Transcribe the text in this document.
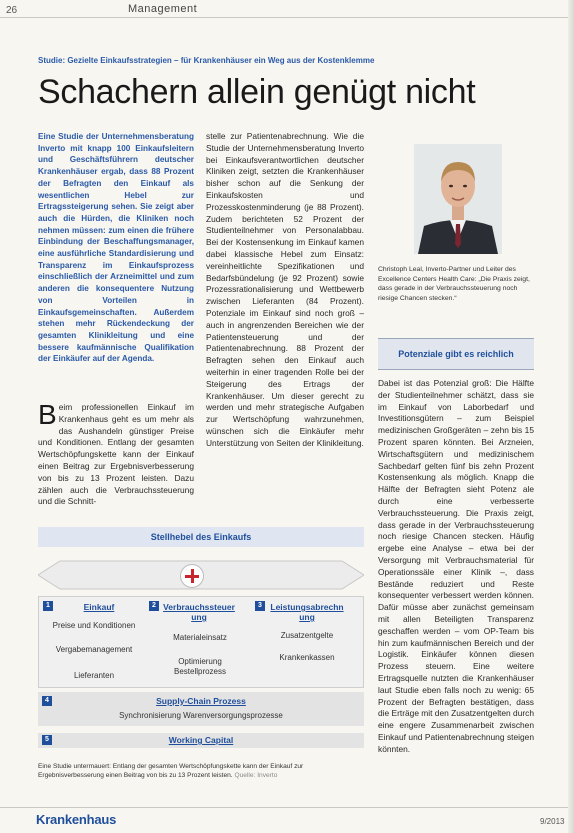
26	Management
Studie: Gezielte Einkaufsstrategien – für Krankenhäuser ein Weg aus der Kostenklemme
Schachern allein genügt nicht
Eine Studie der Unternehmensberatung Inverto mit knapp 100 Einkaufsleitern und Geschäftsführern deutscher Krankenhäuser ergab, dass 88 Prozent der Befragten den Einkauf als wesentlichen Hebel zur Ertragssteigerung sehen. Sie zeigt aber auch die Hürden, die Kliniken noch nehmen müssen: zum einen die frühere Einbindung der Beschaffungsmanager, eine ausführliche Standardisierung und Transparenz im Einkaufsprozess einschließlich der Arzneimittel und zum anderen die konsequentere Nutzung von Vorteilen in Einkaufsgemeinschaften. Außerdem stehen mehr Rückendeckung der gesamten Klinikleitung und eine bessere kaufmännische Qualifikation der Einkäufer auf der Agenda.
Beim professionellen Einkauf im Krankenhaus geht es um mehr als das Aushandeln günstiger Preise und Konditionen. Entlang der gesamten Wertschöpfungskette kann der Einkauf einen Beitrag zur Ergebnisverbesserung von bis zu 13 Prozent leisten. Dazu zählen auch die Verbrauchssteuerung und die Schnitt-
stelle zur Patientenabrechnung. Wie die Studie der Unternehmensberatung Inverto bei Einkaufsverantwortlichen deutscher Kliniken zeigt, setzten die Krankenhäuser bisher schon auf die Senkung der Einkaufskosten und Prozesskostenminderung (je 88 Prozent). Zudem berichteten 52 Prozent der Studienteilnehmer von Personalabbau. Bei der Kostensenkung im Einkauf kamen dabei klassische Hebel zum Einsatz: vereinheitlichte Spezifikationen und Bedarfsbündelung (je 92 Prozent) sowie Prozessrationalisierung und Wettbewerb zwischen Lieferanten (84 Prozent). Potenziale im Einkauf sind noch groß – auch in angrenzenden Bereichen wie der Patientensteuerung und der Patientenabrechnung. 88 Prozent der Befragten sehen den Einkauf auch weiterhin in einer tragenden Rolle bei der Steigerung des Ertrags der Krankenhäuser. Um dieser gerecht zu werden und mehr strategische Aufgaben zur Wertschöpfung wahrzunehmen, wünschen sich die Einkäufer mehr Unterstützung von Seiten der Klinikleitung.
Christoph Leal, Inverto-Partner und Leiter des Excellence Centers Health Care: „Die Praxis zeigt, dass gerade in der Verbrauchssteuerung noch riesige Chancen stecken.“
Potenziale gibt es reichlich
Dabei ist das Potenzial groß: Die Hälfte der Studienteilnehmer schätzt, dass sie im Einkauf von Laborbedarf und Investitionsgütern – zum Beispiel medizinischen Großgeräten – zehn bis 15 Prozent sparen könnten. Bei Arzneien, Wirtschaftsgütern und medizinischem Sachbedarf gelten fünf bis zehn Prozent Kostensenkung als möglich. Knapp die Hälfte der Befragten sieht Potenz ale durch eine verbesserte Verbrauchssteuerung. Die Praxis zeigt, dass gerade in der Verbrauchssteuerung noch riesige Chancen stecken. Häufig ergebe eine Analyse – etwa bei der Versorgung mit Verbrauchsmaterial für Operationssäle einer Klinik –, dass Bestände reduziert und Reste konsequenter verbessert werden können. Dafür müsse aber zunächst gemeinsam mit allen Beteiligten Transparenz geschaffen werden – vom OP-Team bis hin zum kaufmännischen Bereich und der Logistik. Einkäufer können diesen Prozess steuern. Eine weitere Ertragsquelle nutzten die Krankenhäuser laut Studie eben falls noch zu wenig: 65 Prozent der Befragten bestätigen, dass die Erträge mit den Zusatzentgelten durch eine engere Zusammenarbeit zwischen Einkauf und Patientenabrechnung steigen könnten.
Stellhebel des Einkaufs
1	Einkauf
Preise und Konditionen
Vergabemanagement
Lieferanten
2 Verbrauchssteuerung
Materialeinsatz
Optimierung Bestellprozess
3 Leistungsabrechnung
Zusatzentgelte
Krankenkassen
4	Supply-Chain Prozess
Synchronisierung Warenversorgungsprozesse
5	Working Capital
Eine Studie untermauert: Entlang der gesamten Wertschöpfungskette kann der Einkauf zur Ergebnisverbesserung einen Beitrag von bis zu 13 Prozent leisten. Quelle: Inverto
Krankenhaus	9/2013
